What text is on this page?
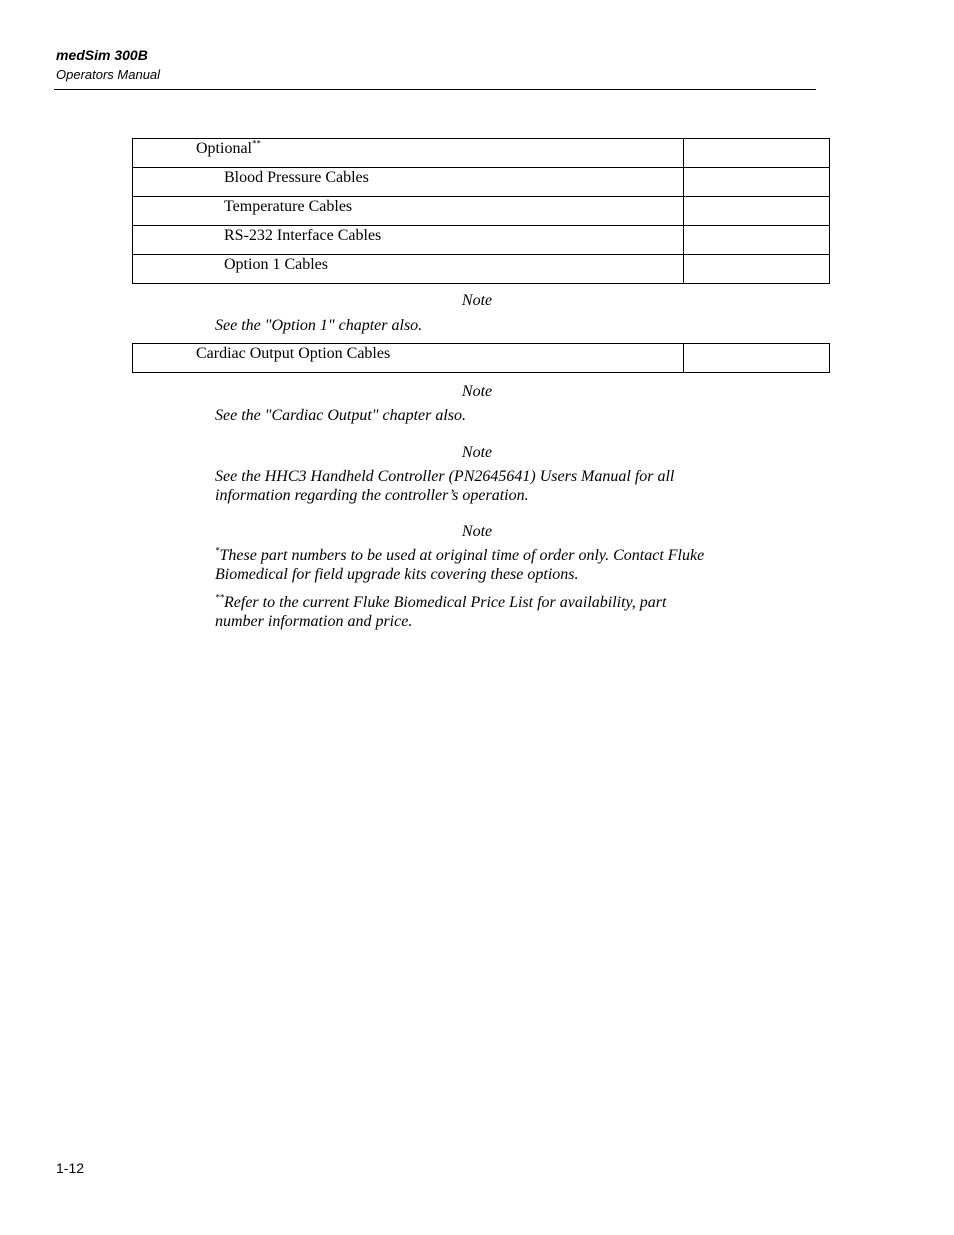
medSim 300B
Operators Manual
Optional**

Blood Pressure Cables	

Temperature Cables	

RS-232 Interface Cables	

Option 1 Cables	

Note
See the "Option 1" chapter also.
Cardiac Output Option Cables

Note
See the "Cardiac Output" chapter also.
Note
See the HHC3 Handheld Controller (PN2645641) Users Manual for all information regarding the controller’s operation.
Note
*These part numbers to be used at original time of order only. Contact Fluke Biomedical for field upgrade kits covering these options.
**Refer to the current Fluke Biomedical Price List for availability, part number information and price.
1-12
